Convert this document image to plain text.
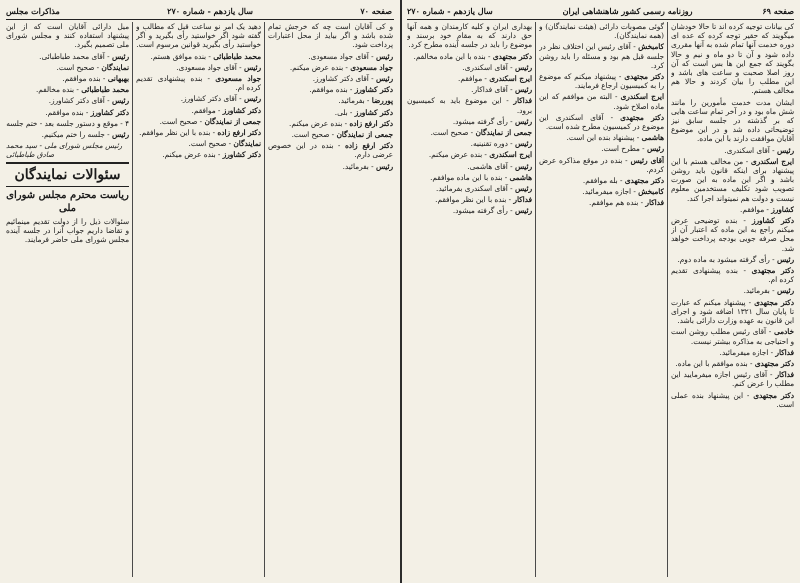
صفحه ۶۹
روزنامه رسمی کشور شاهنشاهی ایران
سال یازدهم - شماره ۲۷۰
صفحه ۷۰
سال یازدهم - شماره ۲۷۰
مذاکرات مجلس

کی بیانات توجیه کرده اند تا حالا خودشان میگویند که حقیر توجه کرده که عده ای دوره خدمت آنها تمام شده به آنها مقرری داده شود و آن تا دو ماه و نیم و حالا بگویند که جمع این ها بس است که آن روز اصلا صحبت و ساعت های باشد و این مطلب را بیان کردند و حالا هم مخالف هستم.

ایشان مدت خدمت مأمورین را مانند شش ماه بود و در آخر تمام ساعت هایی که بر گذشته در جلسه سابق نیز توضیحاتی داده شد و در این موضوع آقایان موافقت دارند با این ماده.

رئیس - آقای اسکندری.

ایرج اسکندری - من مخالف هستم با این پیشنهاد برای اینکه قانون باید روشن باشد و اگر این ماده به این صورت تصویب شود تکلیف مستخدمین معلوم نیست و دولت هم نمیتواند اجرا کند.

کشاورز - موافقم.

دکتر کشاورز - بنده توضیحی عرض میکنم راجع به این ماده که اعتبار آن از محل صرفه جویی بودجه پرداخت خواهد شد.

رئیس - رأی گرفته میشود به ماده دوم.

دکتر مجتهدی - بنده پیشنهادی تقدیم کرده ام.

رئیس - بفرمائید.

دکتر مجتهدی - پیشنهاد میکنم که عبارت تا پایان سال ۱۳۲۱ اضافه شود و اجرای این قانون به عهده وزارت دارائی باشد.

خادمی - آقای رئیس مطلب روشن است و احتیاجی به مذاکره بیشتر نیست.

فداکار - اجازه میفرمائید.

دکتر مجتهدی - بنده موافقم با این ماده.

فداکار - آقای رئیس اجازه میفرمایید این مطلب را عرض کنم.

دکتر مجتهدی - این پیشنهاد بنده عملی است.

گوئی مصوبات دارائی (هیئت نمایندگان) و (همه نمایندگان).

کامبخش - آقای رئیس این اختلاف نظر در جلسه قبل هم بود و مسئله را باید روشن کرد.

دکتر مجتهدی - پیشنهاد میکنم که موضوع را به کمیسیون ارجاع فرمایند.

ایرج اسکندری - البته من موافقم که این ماده اصلاح شود.

دکتر مجتهدی - آقای اسکندری این موضوع در کمیسیون مطرح شده است.

هاشمی - پیشنهاد بنده این است.

رئیس - مطرح است.

آقای رئیس - بنده در موقع مذاکره عرض کردم.

دکتر مجتهدی - بله موافقم.

کامبخش - اجازه میفرمائید.

فداکار - بنده هم موافقم.

بهداری ایران و کلیه کارمندان و همه آنها حق دارند که به مقام خود برسند و موضوع را باید در جلسه آینده مطرح کرد.

دکتر مجتهدی - بنده با این ماده مخالفم.

رئیس - آقای اسکندری.

ایرج اسکندری - موافقم.

رئیس - آقای فداکار.

فداکار - این موضوع باید به کمیسیون برود.

رئیس - رأی گرفته میشود.

جمعی از نمایندگان - صحیح است.

رئیس - دوره تقنینیه.

ایرج اسکندری - بنده عرض میکنم.

رئیس - آقای هاشمی.

هاشمی - بنده با این ماده موافقم.

رئیس - آقای اسکندری بفرمائید.

فداکار - بنده با این نظر موافقم.

رئیس - رأی گرفته میشود.

و کی آقایان است چه که خرجش تمام شده باشد و اگر بیاید از محل اعتبارات پرداخت شود.

رئیس - آقای جواد مسعودی.

جواد مسعودی - بنده عرض میکنم.

رئیس - آقای دکتر کشاورز.

دکتر کشاورز - بنده موافقم.

پوررضا - بفرمائید.

دکتر کشاورز - بلی.

دکتر ارفع زاده - بنده عرض میکنم.

جمعی از نمایندگان - صحیح است.

دکتر ارفع زاده - بنده در این خصوص عرضی دارم.

رئیس - بفرمائید.

دهید یک امر نو ساعت قبل که مطالب و گفته شود اگر خواستید رأی بگیرید و اگر خواستید رأی بگیرید قوانین مرسوم است.

محمد طباطبائی - بنده موافق هستم.

رئیس - آقای جواد مسعودی.

جواد مسعودی - بنده پیشنهادی تقدیم کرده ام.

رئیس - آقای دکتر کشاورز.

دکتر کشاورز - موافقم.

جمعی از نمایندگان - صحیح است.

دکتر ارفع زاده - بنده با این نظر موافقم.

نمایندگان - صحیح است.

دکتر کشاورز - بنده عرض میکنم.

میل دارائی آقایان است که از این پیشنهاد استفاده کنند و مجلس شورای ملی تصمیم بگیرد.

رئیس - آقای محمد طباطبائی.

نمایندگان - صحیح است.

بهبهانی - بنده موافقم.

محمد طباطبائی - بنده مخالفم.

رئیس - آقای دکتر کشاورز.

دکتر کشاورز - بنده موافقم.

۴ - موقع و دستور جلسه بعد - ختم جلسه

رئیس - جلسه را ختم میکنیم.

رئیس مجلس شورای ملی - سید محمد صادق طباطبائی

سئوالات نمایندگان

ریاست محترم مجلس شورای ملی

سئوالات ذیل را از دولت تقدیم مینمائیم و تقاضا داریم جواب آنرا در جلسه آینده مجلس شورای ملی حاضر فرمایند.
